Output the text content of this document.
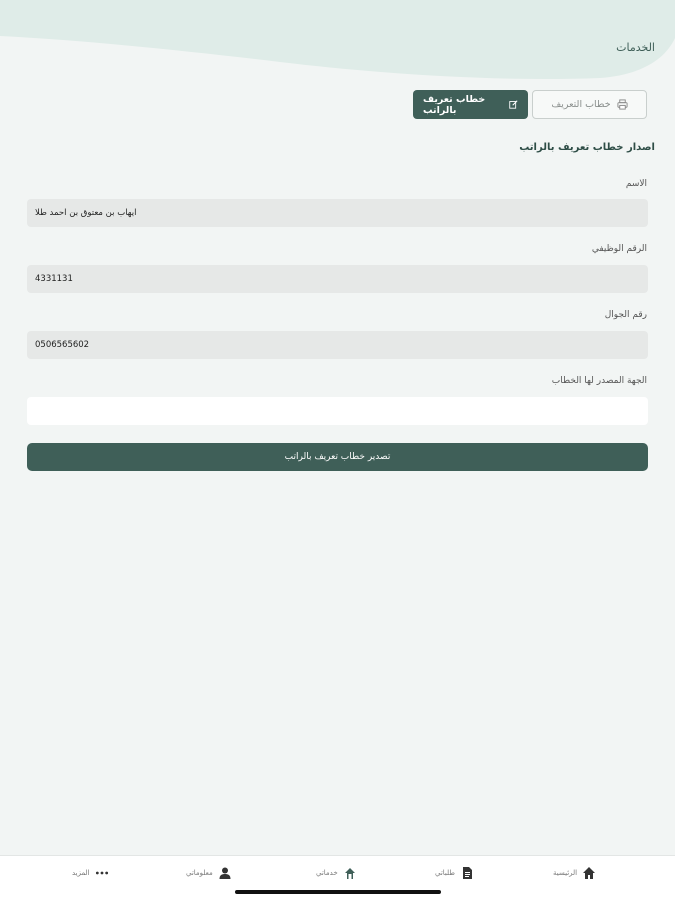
الخدمات
خطاب التعريف
خطاب تعريف بالراتب
اصدار خطاب تعريف بالراتب
الاسم
ايهاب بن معتوق بن احمد طلا
الرقم الوظيفي
4331131
رقم الجوال
0506565602
الجهة المصدر لها الخطاب
تصدير خطاب تعريف بالراتب
الرئيسية
طلباتي
خدماتي
معلوماتي
المزيد
